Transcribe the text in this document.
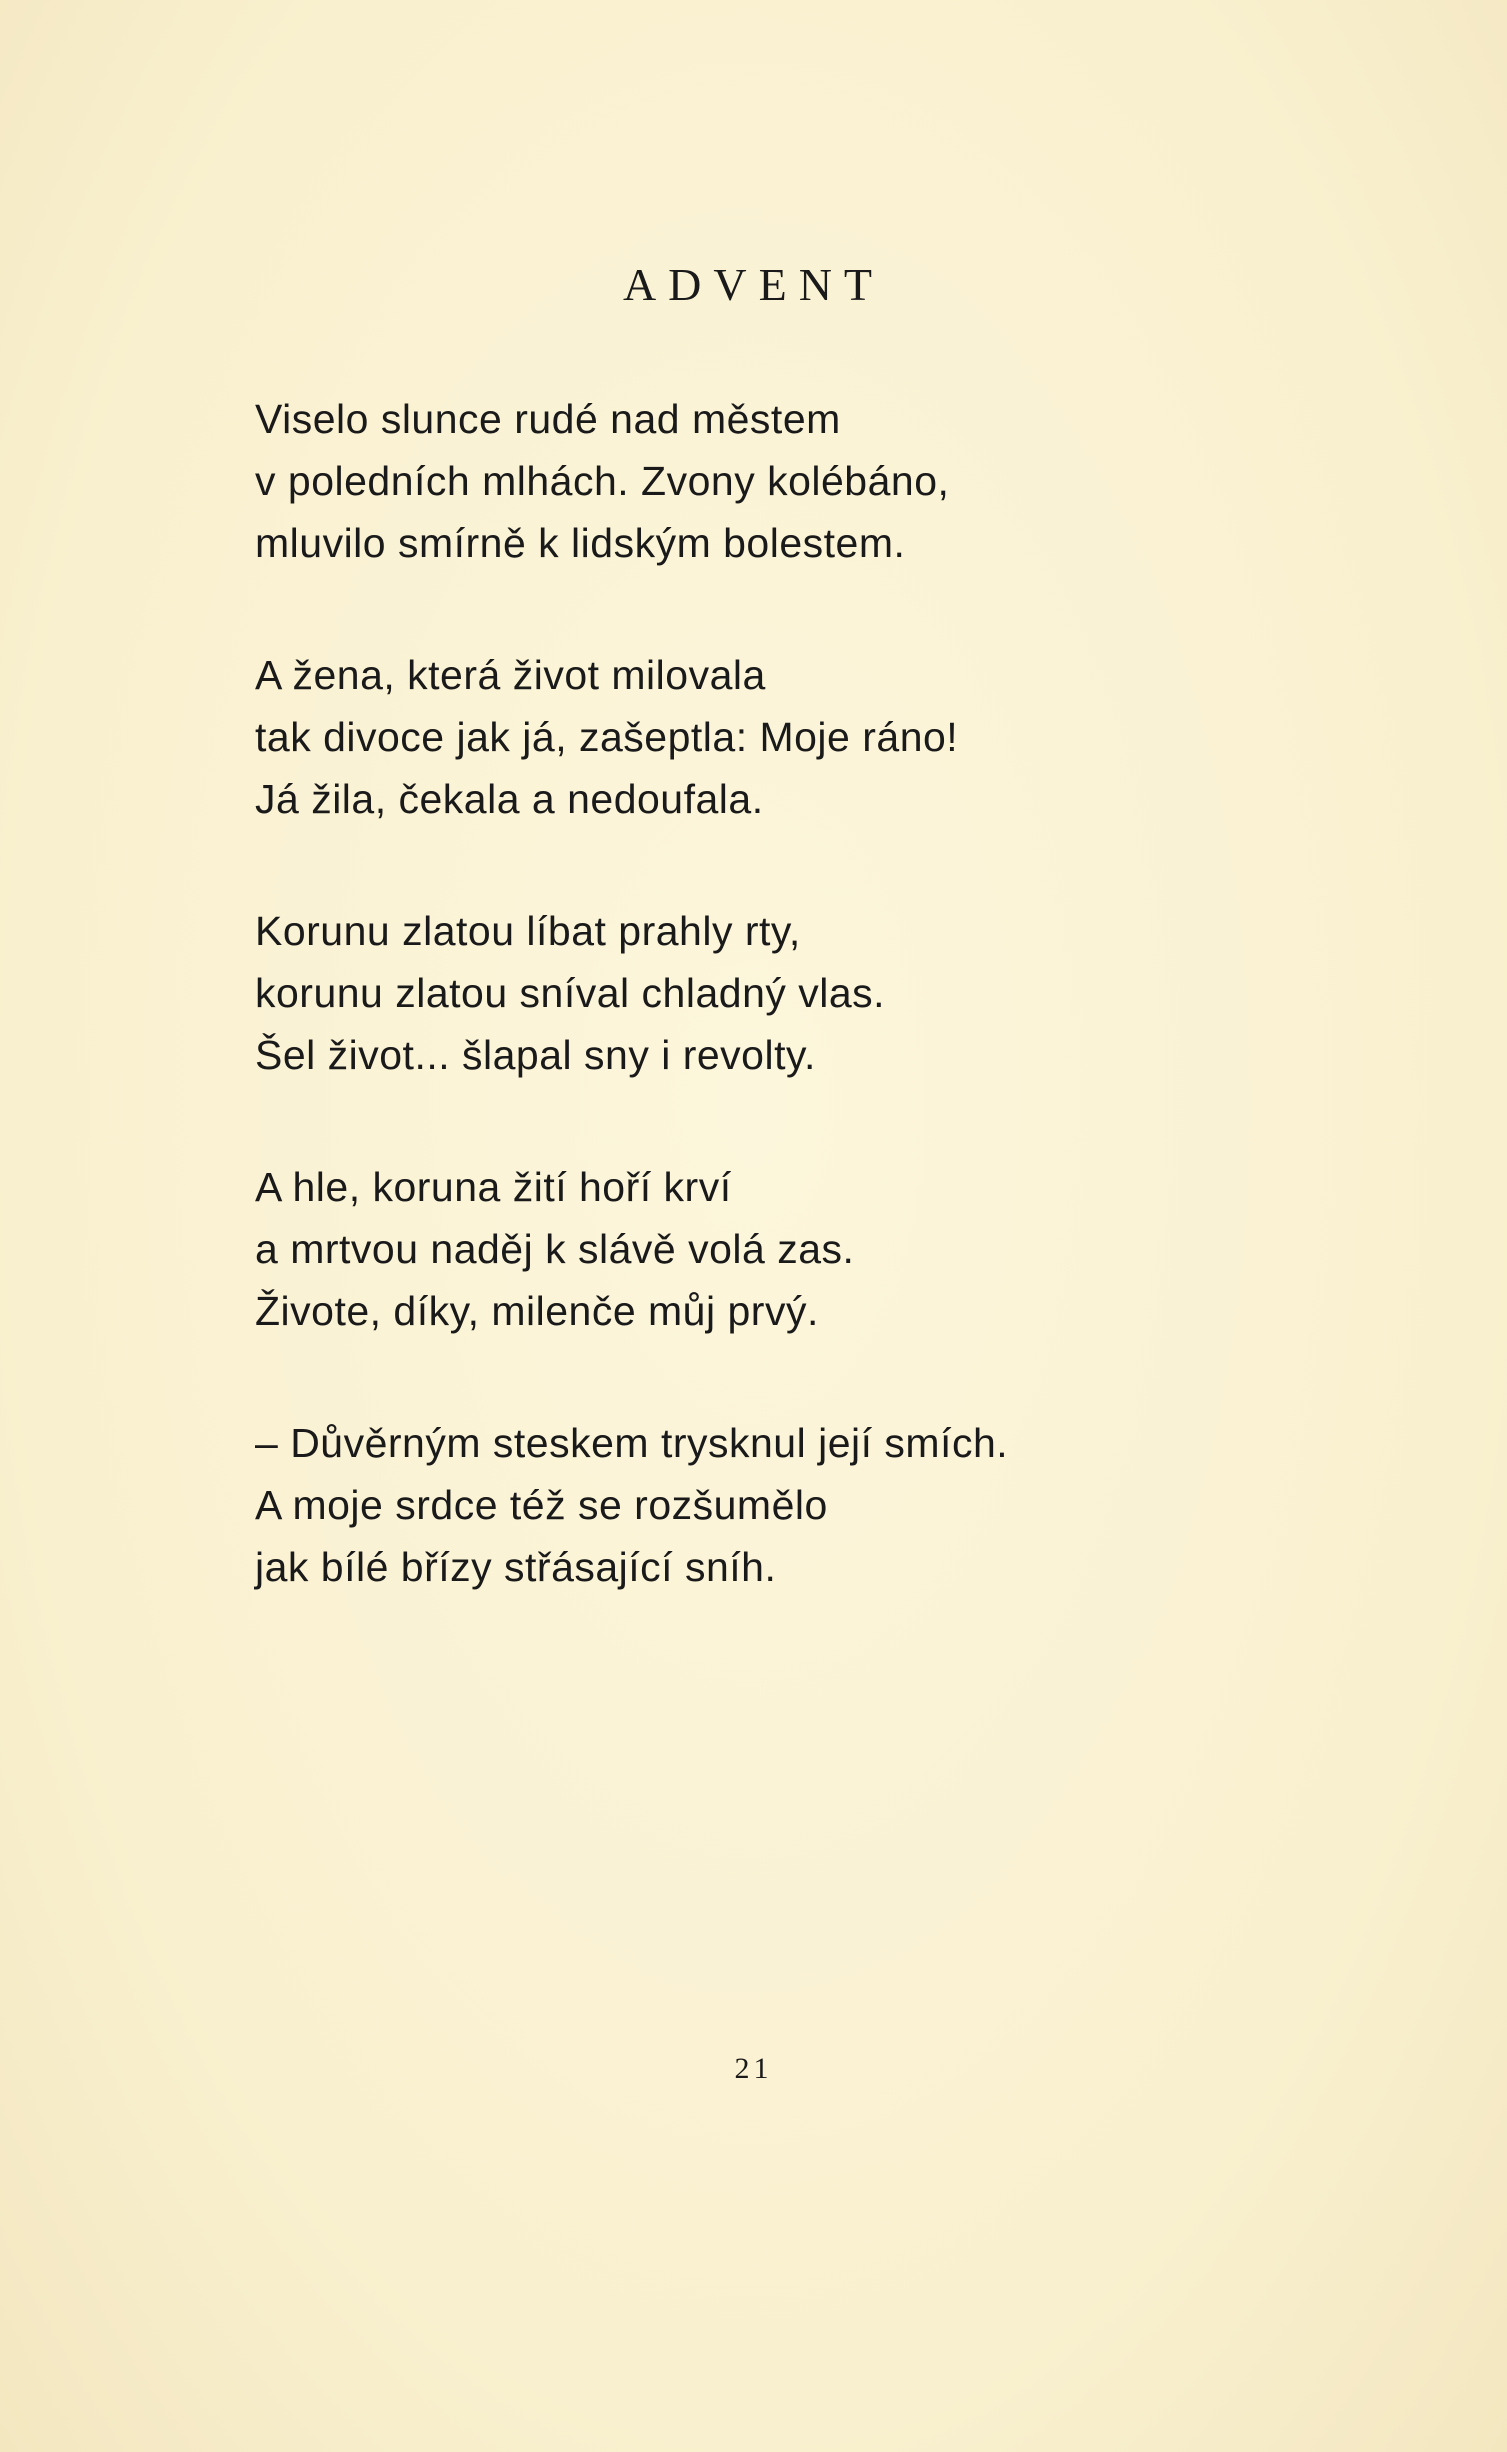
ADVENT
Viselo slunce rudé nad městem
v poledních mlhách. Zvony kolébáno,
mluvilo smírně k lidským bolestem.
A žena, která život milovala
tak divoce jak já, zašeptla: Moje ráno!
Já žila, čekala a nedoufala.
Korunu zlatou líbat prahly rty,
korunu zlatou sníval chladný vlas.
Šel život... šlapal sny i revolty.
A hle, koruna žití hoří krví
a mrtvou naděj k slávě volá zas.
Živote, díky, milenče můj prvý.
– Důvěrným steskem trysknul její smích.
A moje srdce též se rozšumělo
jak bílé břízy střásající sníh.
21
